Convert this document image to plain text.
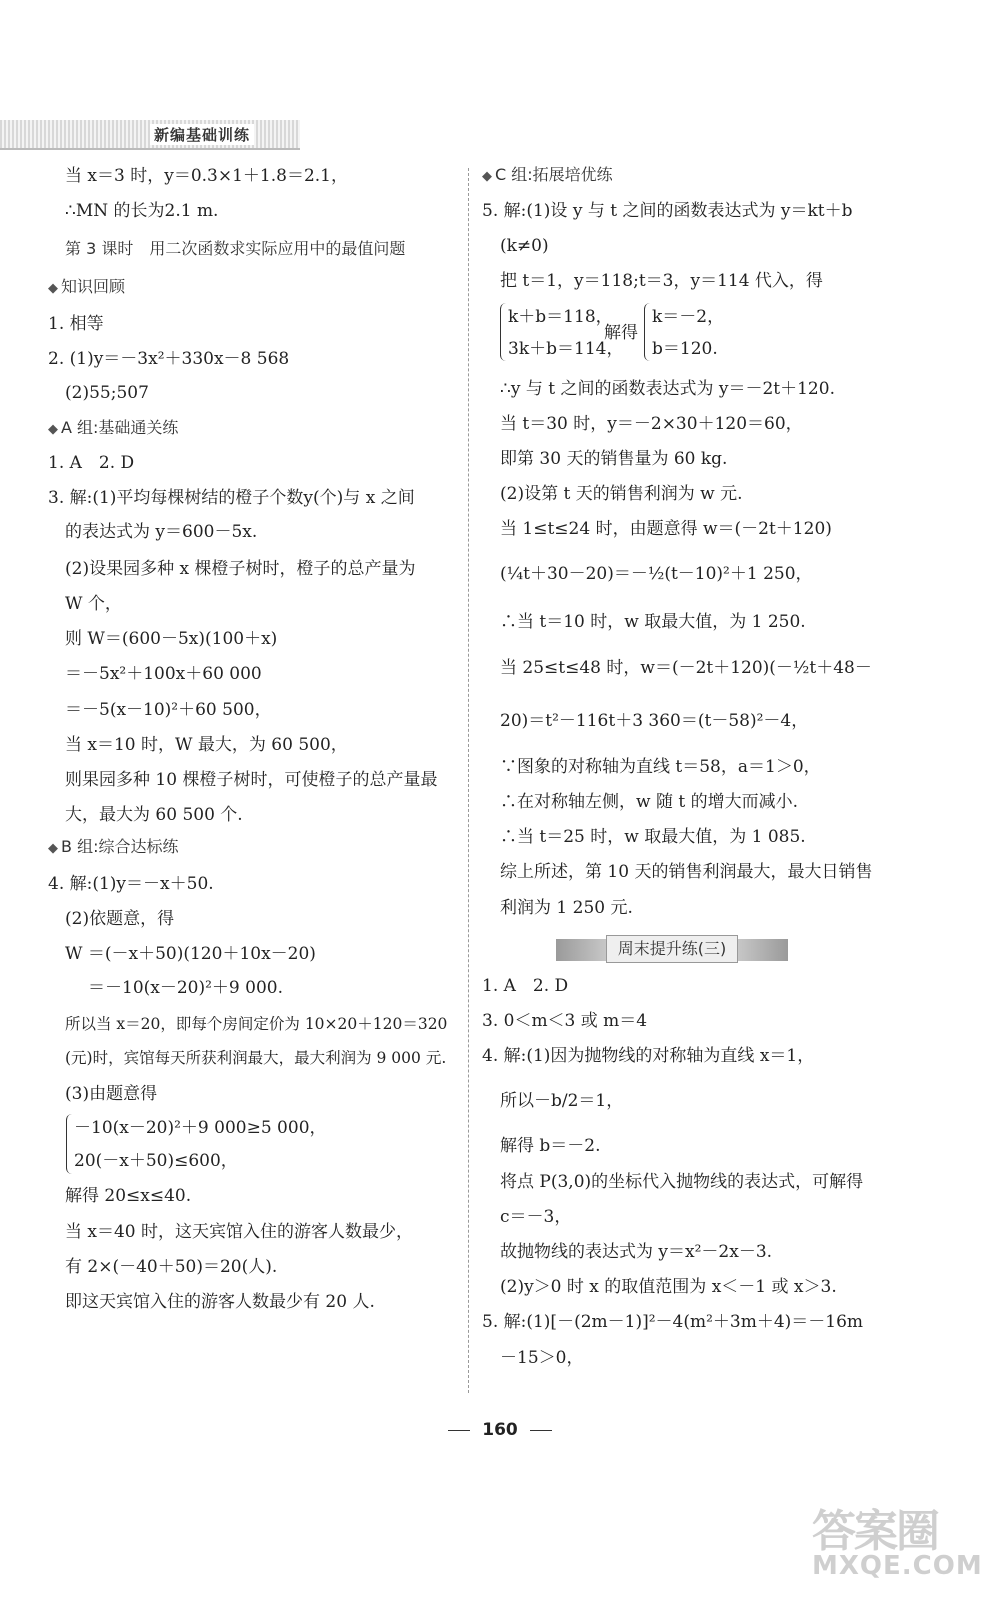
新编基础训练
当 x＝3 时，y＝0.3×1＋1.8＝2.1，
∴MN 的长为2.1 m.
第 3 课时　用二次函数求实际应用中的最值问题
◆ 知识回顾
1. 相等
2. (1)y＝－3x²＋330x－8 568
(2)55;507
◆ A 组:基础通关练
1. A　2. D
3. 解:(1)平均每棵树结的橙子个数y(个)与 x 之间
的表达式为 y＝600－5x.
(2)设果园多种 x 棵橙子树时，橙子的总产量为
W 个，
则 W＝(600－5x)(100＋x)
＝－5x²＋100x＋60 000
＝－5(x－10)²＋60 500，
当 x＝10 时，W 最大，为 60 500，
则果园多种 10 棵橙子树时，可使橙子的总产量最
大，最大为 60 500 个.
◆ B 组:综合达标练
4. 解:(1)y＝－x＋50.
(2)依题意，得
W ＝(－x＋50)(120＋10x－20)
＝－10(x－20)²＋9 000.
所以当 x＝20，即每个房间定价为 10×20＋120＝320
(元)时，宾馆每天所获利润最大，最大利润为 9 000 元.
(3)由题意得
－10(x－20)²＋9 000≥5 000，
20(－x＋50)≤600，
解得 20≤x≤40.
当 x＝40 时，这天宾馆入住的游客人数最少，
有 2×(－40＋50)＝20(人).
即这天宾馆入住的游客人数最少有 20 人.
◆ C 组:拓展培优练
5. 解:(1)设 y 与 t 之间的函数表达式为 y＝kt＋b
(k≠0)
把 t＝1，y＝118;t＝3，y＝114 代入，得
k＋b＝118，
3k＋b＝114，
解得
k＝－2，
b＝120.
∴y 与 t 之间的函数表达式为 y＝－2t＋120.
当 t＝30 时，y＝－2×30＋120＝60，
即第 30 天的销售量为 60 kg.
(2)设第 t 天的销售利润为 w 元.
当 1≤t≤24 时，由题意得 w＝(－2t＋120)
(¼t＋30－20)＝－½(t－10)²＋1 250，
∴当 t＝10 时，w 取最大值，为 1 250.
当 25≤t≤48 时，w＝(－2t＋120)(－½t＋48－
20)＝t²－116t＋3 360＝(t－58)²－4，
∵图象的对称轴为直线 t＝58，a＝1＞0，
∴在对称轴左侧，w 随 t 的增大而减小.
∴当 t＝25 时，w 取最大值，为 1 085.
综上所述，第 10 天的销售利润最大，最大日销售
利润为 1 250 元.
周末提升练(三)
1. A　2. D
3. 0＜m＜3 或 m＝4
4. 解:(1)因为抛物线的对称轴为直线 x＝1，
所以－b/2＝1，
解得 b＝－2.
将点 P(3,0)的坐标代入抛物线的表达式，可解得
c＝－3，
故抛物线的表达式为 y＝x²－2x－3.
(2)y＞0 时 x 的取值范围为 x＜－1 或 x＞3.
5. 解:(1)[－(2m－1)]²－4(m²＋3m＋4)＝－16m
－15＞0，
160
答案圈
MXQE.COM
